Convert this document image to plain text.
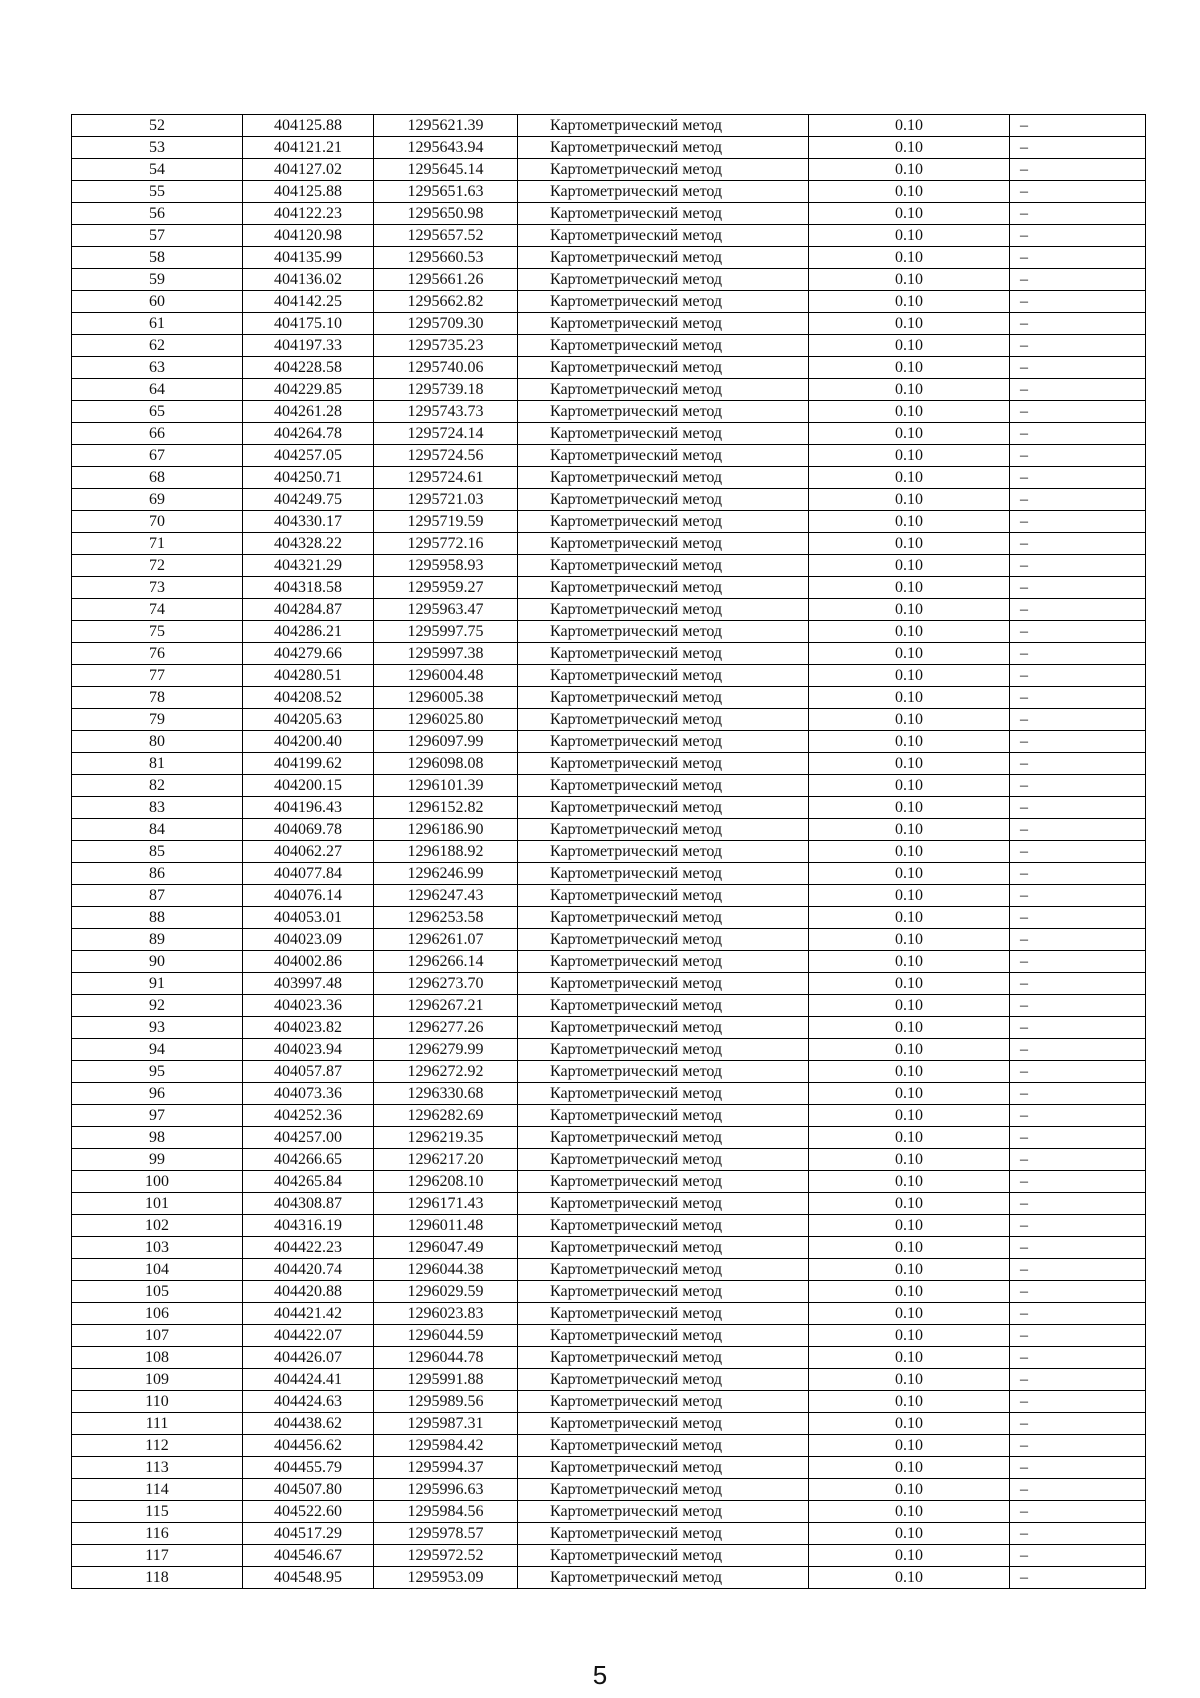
52	404125.88	1295621.39	Картометрический метод	0.10	–
53	404121.21	1295643.94	Картометрический метод	0.10	–
54	404127.02	1295645.14	Картометрический метод	0.10	–
55	404125.88	1295651.63	Картометрический метод	0.10	–
56	404122.23	1295650.98	Картометрический метод	0.10	–
57	404120.98	1295657.52	Картометрический метод	0.10	–
58	404135.99	1295660.53	Картометрический метод	0.10	–
59	404136.02	1295661.26	Картометрический метод	0.10	–
60	404142.25	1295662.82	Картометрический метод	0.10	–
61	404175.10	1295709.30	Картометрический метод	0.10	–
62	404197.33	1295735.23	Картометрический метод	0.10	–
63	404228.58	1295740.06	Картометрический метод	0.10	–
64	404229.85	1295739.18	Картометрический метод	0.10	–
65	404261.28	1295743.73	Картометрический метод	0.10	–
66	404264.78	1295724.14	Картометрический метод	0.10	–
67	404257.05	1295724.56	Картометрический метод	0.10	–
68	404250.71	1295724.61	Картометрический метод	0.10	–
69	404249.75	1295721.03	Картометрический метод	0.10	–
70	404330.17	1295719.59	Картометрический метод	0.10	–
71	404328.22	1295772.16	Картометрический метод	0.10	–
72	404321.29	1295958.93	Картометрический метод	0.10	–
73	404318.58	1295959.27	Картометрический метод	0.10	–
74	404284.87	1295963.47	Картометрический метод	0.10	–
75	404286.21	1295997.75	Картометрический метод	0.10	–
76	404279.66	1295997.38	Картометрический метод	0.10	–
77	404280.51	1296004.48	Картометрический метод	0.10	–
78	404208.52	1296005.38	Картометрический метод	0.10	–
79	404205.63	1296025.80	Картометрический метод	0.10	–
80	404200.40	1296097.99	Картометрический метод	0.10	–
81	404199.62	1296098.08	Картометрический метод	0.10	–
82	404200.15	1296101.39	Картометрический метод	0.10	–
83	404196.43	1296152.82	Картометрический метод	0.10	–
84	404069.78	1296186.90	Картометрический метод	0.10	–
85	404062.27	1296188.92	Картометрический метод	0.10	–
86	404077.84	1296246.99	Картометрический метод	0.10	–
87	404076.14	1296247.43	Картометрический метод	0.10	–
88	404053.01	1296253.58	Картометрический метод	0.10	–
89	404023.09	1296261.07	Картометрический метод	0.10	–
90	404002.86	1296266.14	Картометрический метод	0.10	–
91	403997.48	1296273.70	Картометрический метод	0.10	–
92	404023.36	1296267.21	Картометрический метод	0.10	–
93	404023.82	1296277.26	Картометрический метод	0.10	–
94	404023.94	1296279.99	Картометрический метод	0.10	–
95	404057.87	1296272.92	Картометрический метод	0.10	–
96	404073.36	1296330.68	Картометрический метод	0.10	–
97	404252.36	1296282.69	Картометрический метод	0.10	–
98	404257.00	1296219.35	Картометрический метод	0.10	–
99	404266.65	1296217.20	Картометрический метод	0.10	–
100	404265.84	1296208.10	Картометрический метод	0.10	–
101	404308.87	1296171.43	Картометрический метод	0.10	–
102	404316.19	1296011.48	Картометрический метод	0.10	–
103	404422.23	1296047.49	Картометрический метод	0.10	–
104	404420.74	1296044.38	Картометрический метод	0.10	–
105	404420.88	1296029.59	Картометрический метод	0.10	–
106	404421.42	1296023.83	Картометрический метод	0.10	–
107	404422.07	1296044.59	Картометрический метод	0.10	–
108	404426.07	1296044.78	Картометрический метод	0.10	–
109	404424.41	1295991.88	Картометрический метод	0.10	–
110	404424.63	1295989.56	Картометрический метод	0.10	–
111	404438.62	1295987.31	Картометрический метод	0.10	–
112	404456.62	1295984.42	Картометрический метод	0.10	–
113	404455.79	1295994.37	Картометрический метод	0.10	–
114	404507.80	1295996.63	Картометрический метод	0.10	–
115	404522.60	1295984.56	Картометрический метод	0.10	–
116	404517.29	1295978.57	Картометрический метод	0.10	–
117	404546.67	1295972.52	Картометрический метод	0.10	–
118	404548.95	1295953.09	Картометрический метод	0.10	–
5
